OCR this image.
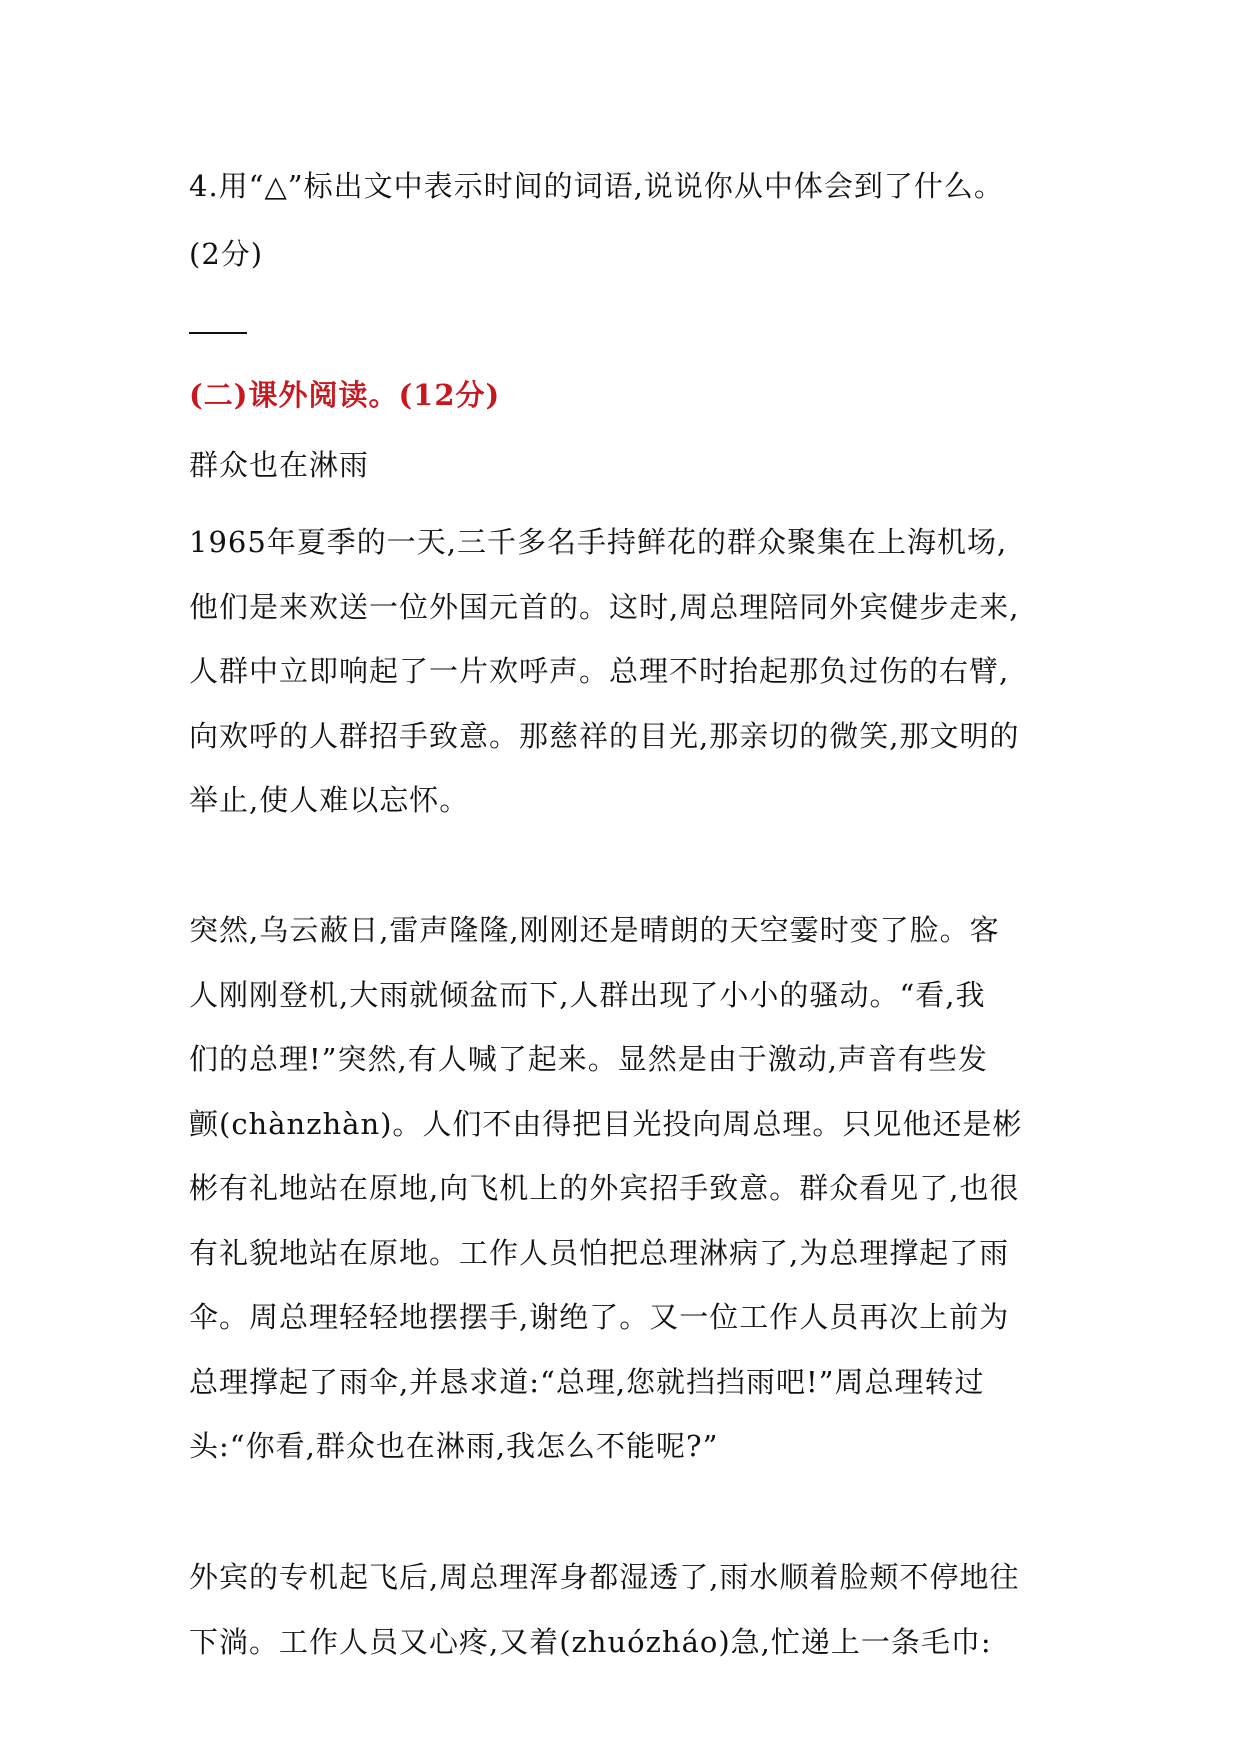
4.用“△”标出文中表示时间的词语,说说你从中体会到了什么。
(2分)
(二)课外阅读。(12分)
群众也在淋雨
1965年夏季的一天,三千多名手持鲜花的群众聚集在上海机场,
他们是来欢送一位外国元首的。这时,周总理陪同外宾健步走来,
人群中立即响起了一片欢呼声。总理不时抬起那负过伤的右臂,
向欢呼的人群招手致意。那慈祥的目光,那亲切的微笑,那文明的
举止,使人难以忘怀。
突然,乌云蔽日,雷声隆隆,刚刚还是晴朗的天空霎时变了脸。客
人刚刚登机,大雨就倾盆而下,人群出现了小小的骚动。“看,我
们的总理!”突然,有人喊了起来。显然是由于激动,声音有些发
颤(chànzhàn)。人们不由得把目光投向周总理。只见他还是彬
彬有礼地站在原地,向飞机上的外宾招手致意。群众看见了,也很
有礼貌地站在原地。工作人员怕把总理淋病了,为总理撑起了雨
伞。周总理轻轻地摆摆手,谢绝了。又一位工作人员再次上前为
总理撑起了雨伞,并恳求道:“总理,您就挡挡雨吧!”周总理转过
头:“你看,群众也在淋雨,我怎么不能呢?”
外宾的专机起飞后,周总理浑身都湿透了,雨水顺着脸颊不停地往
下淌。工作人员又心疼,又着(zhuózháo)急,忙递上一条毛巾:
